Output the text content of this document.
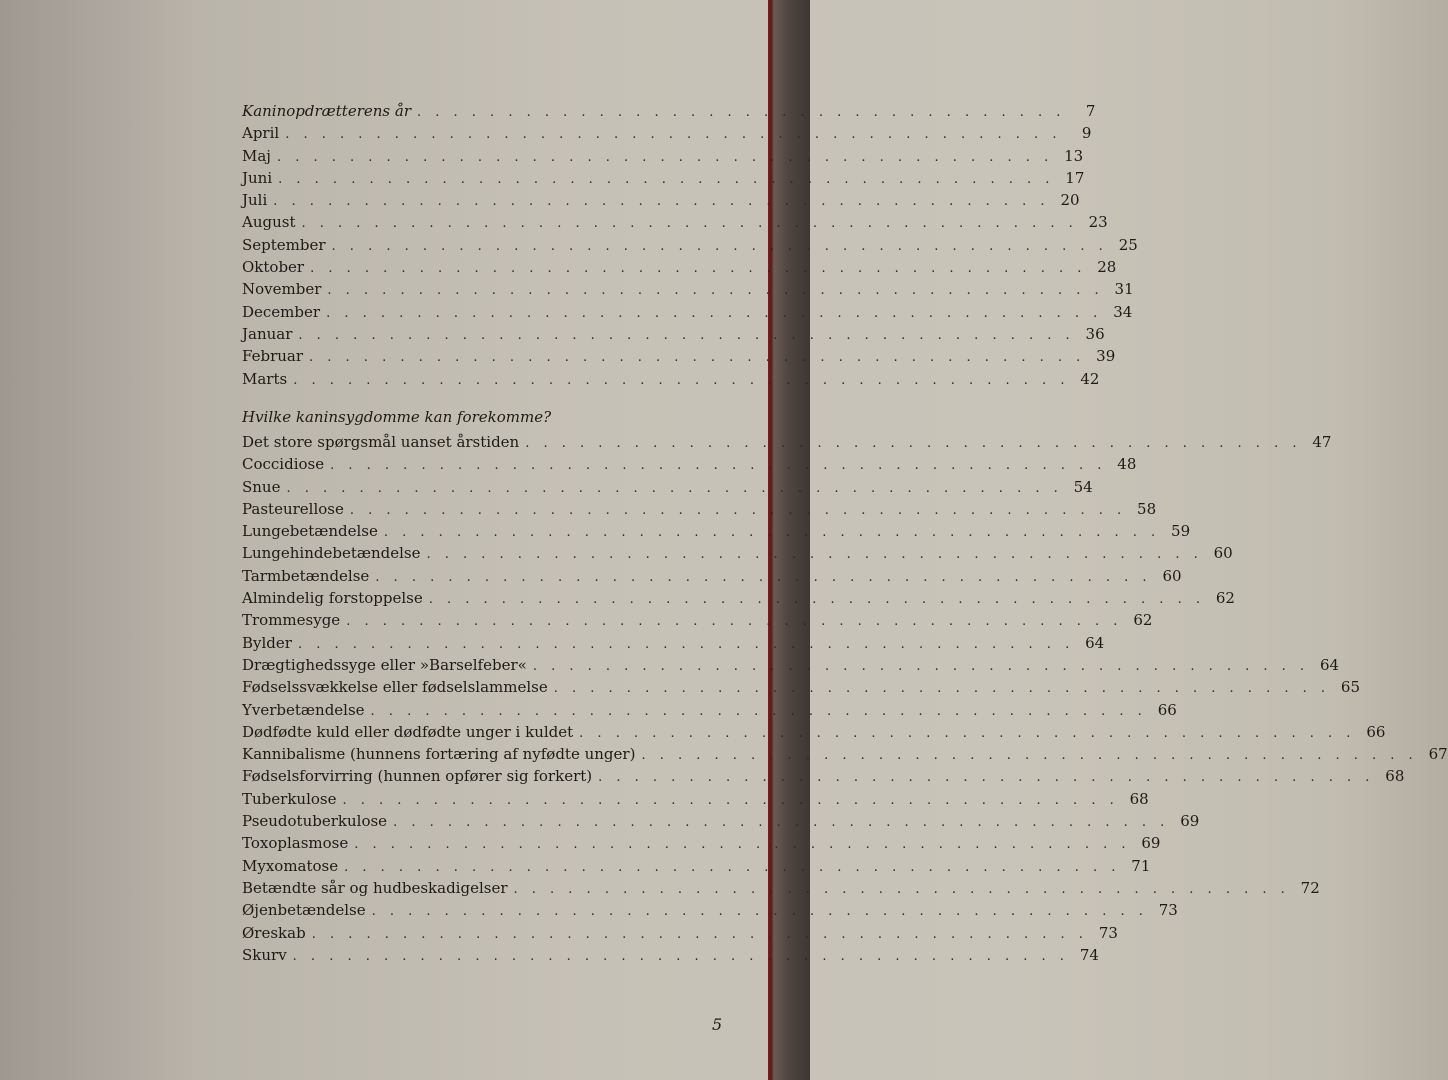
Kaninopdrætterens år . . . . . . . . . . . . . . . . . . . . . . . . . . . . . . . . . . . .	7
April . . . . . . . . . . . . . . . . . . . . . . . . . . . . . . . . . . . . . . . . . . .	9
Maj . . . . . . . . . . . . . . . . . . . . . . . . . . . . . . . . . . . . . . . . . . . 13
Juni . . . . . . . . . . . . . . . . . . . . . . . . . . . . . . . . . . . . . . . . . . . 17
Juli . . . . . . . . . . . . . . . . . . . . . . . . . . . . . . . . . . . . . . . . . . . 20
August . . . . . . . . . . . . . . . . . . . . . . . . . . . . . . . . . . . . . . . . . . . 23
September . . . . . . . . . . . . . . . . . . . . . . . . . . . . . . . . . . . . . . . . . . . 25
Oktober . . . . . . . . . . . . . . . . . . . . . . . . . . . . . . . . . . . . . . . . . . . 28
November . . . . . . . . . . . . . . . . . . . . . . . . . . . . . . . . . . . . . . . . . . . 31
December . . . . . . . . . . . . . . . . . . . . . . . . . . . . . . . . . . . . . . . . . . . 34
Januar . . . . . . . . . . . . . . . . . . . . . . . . . . . . . . . . . . . . . . . . . . . 36
Februar . . . . . . . . . . . . . . . . . . . . . . . . . . . . . . . . . . . . . . . . . . . 39
Marts . . . . . . . . . . . . . . . . . . . . . . . . . . . . . . . . . . . . . . . . . . . 42
Hvilke kaninsygdomme kan forekomme?
Det store spørgsmål uanset årstiden . . . . . . . . . . . . . . . . . . . . . . . . . . . . . . . . . . . . . . . . . . . 47
Coccidiose . . . . . . . . . . . . . . . . . . . . . . . . . . . . . . . . . . . . . . . . . . . 48
Snue . . . . . . . . . . . . . . . . . . . . . . . . . . . . . . . . . . . . . . . . . . . 54
Pasteurellose . . . . . . . . . . . . . . . . . . . . . . . . . . . . . . . . . . . . . . . . . . . 58
Lungebetændelse . . . . . . . . . . . . . . . . . . . . . . . . . . . . . . . . . . . . . . . . . . . 59
Lungehindebetændelse . . . . . . . . . . . . . . . . . . . . . . . . . . . . . . . . . . . . . . . . . . . 60
Tarmbetændelse . . . . . . . . . . . . . . . . . . . . . . . . . . . . . . . . . . . . . . . . . . . 60
Almindelig forstoppelse . . . . . . . . . . . . . . . . . . . . . . . . . . . . . . . . . . . . . . . . . . . 62
Trommesyge . . . . . . . . . . . . . . . . . . . . . . . . . . . . . . . . . . . . . . . . . . . 62
Bylder . . . . . . . . . . . . . . . . . . . . . . . . . . . . . . . . . . . . . . . . . . . 64
Drægtighedssyge eller »Barselfeber« . . . . . . . . . . . . . . . . . . . . . . . . . . . . . . . . . . . . . . . . . . . 64
Fødselssvækkelse eller fødselslammelse . . . . . . . . . . . . . . . . . . . . . . . . . . . . . . . . . . . . . . . . . . . 65
Yverbetændelse . . . . . . . . . . . . . . . . . . . . . . . . . . . . . . . . . . . . . . . . . . . 66
Dødfødte kuld eller dødfødte unger i kuldet . . . . . . . . . . . . . . . . . . . . . . . . . . . . . . . . . . . . . . . . . . . 66
Kannibalisme (hunnens fortæring af nyfødte unger) . . . . . . . . . . . . . . . . . . . . . . . . . . . . . . . . . . . . . . . . . . . 67
Fødselsforvirring (hunnen opfører sig forkert) . . . . . . . . . . . . . . . . . . . . . . . . . . . . . . . . . . . . . . . . . . . 68
Tuberkulose . . . . . . . . . . . . . . . . . . . . . . . . . . . . . . . . . . . . . . . . . . . 68
Pseudotuberkulose . . . . . . . . . . . . . . . . . . . . . . . . . . . . . . . . . . . . . . . . . . . 69
Toxoplasmose . . . . . . . . . . . . . . . . . . . . . . . . . . . . . . . . . . . . . . . . . . . 69
Myxomatose . . . . . . . . . . . . . . . . . . . . . . . . . . . . . . . . . . . . . . . . . . . 71
Betændte sår og hudbeskadigelser . . . . . . . . . . . . . . . . . . . . . . . . . . . . . . . . . . . . . . . . . . . 72
Øjenbetændelse . . . . . . . . . . . . . . . . . . . . . . . . . . . . . . . . . . . . . . . . . . . 73
Øreskab . . . . . . . . . . . . . . . . . . . . . . . . . . . . . . . . . . . . . . . . . . . 73
Skurv . . . . . . . . . . . . . . . . . . . . . . . . . . . . . . . . . . . . . . . . . . . 74
5
